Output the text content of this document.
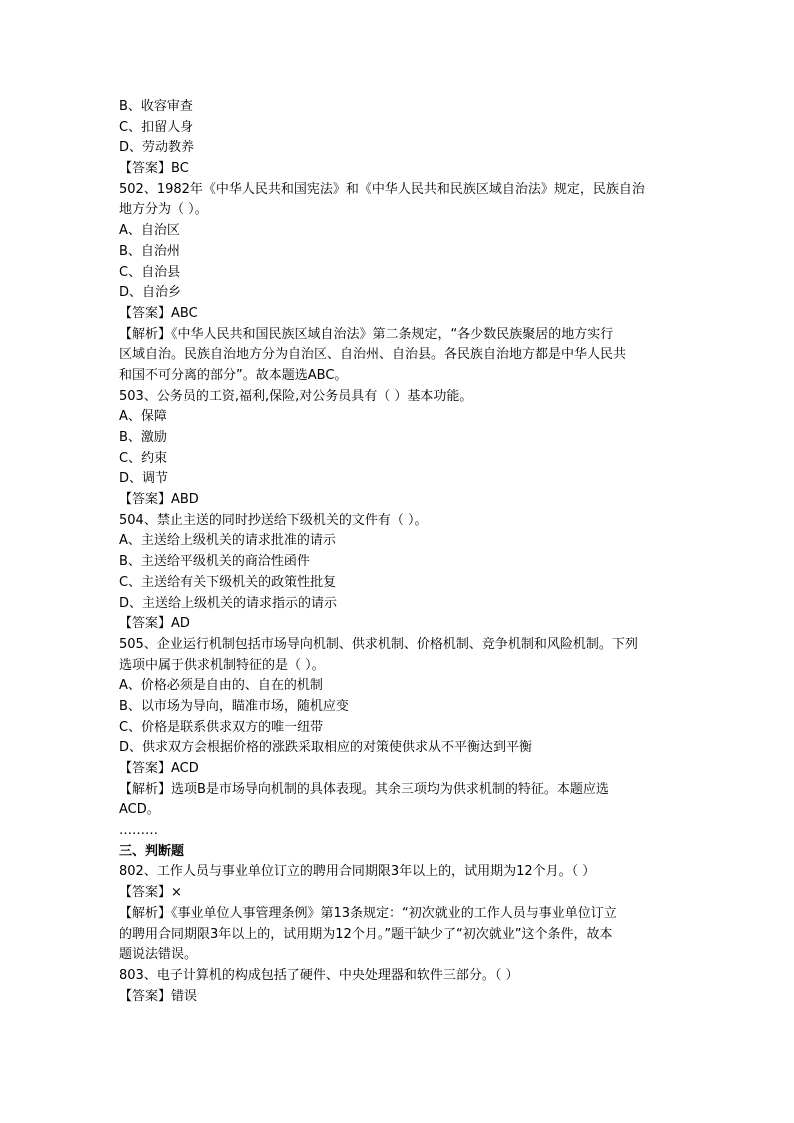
B、收容审查
C、扣留人身
D、劳动教养
【答案】BC
502、1982年《中华人民共和国宪法》和《中华人民共和民族区域自治法》规定，民族自治
地方分为（ ）。
A、自治区
B、自治州
C、自治县
D、自治乡
【答案】ABC
【解析】《中华人民共和国民族区域自治法》第二条规定，“各少数民族聚居的地方实行
区域自治。民族自治地方分为自治区、自治州、自治县。各民族自治地方都是中华人民共
和国不可分离的部分”。故本题选ABC。
503、公务员的工资,福利,保险,对公务员具有（ ）基本功能。
A、保障
B、激励
C、约束
D、调节
【答案】ABD
504、禁止主送的同时抄送给下级机关的文件有（ ）。
A、主送给上级机关的请求批准的请示
B、主送给平级机关的商洽性函件
C、主送给有关下级机关的政策性批复
D、主送给上级机关的请求指示的请示
【答案】AD
505、企业运行机制包括市场导向机制、供求机制、价格机制、竞争机制和风险机制。下列
选项中属于供求机制特征的是（ ）。
A、价格必须是自由的、自在的机制
B、以市场为导向，瞄准市场，随机应变
C、价格是联系供求双方的唯一纽带
D、供求双方会根据价格的涨跌采取相应的对策使供求从不平衡达到平衡
【答案】ACD
【解析】选项B是市场导向机制的具体表现。其余三项均为供求机制的特征。本题应选
ACD。
………
三、判断题
802、工作人员与事业单位订立的聘用合同期限3年以上的，试用期为12个月。（ ）
【答案】×
【解析】《事业单位人事管理条例》第13条规定：“初次就业的工作人员与事业单位订立
的聘用合同期限3年以上的，试用期为12个月。”题干缺少了“初次就业”这个条件，故本
题说法错误。
803、电子计算机的构成包括了硬件、中央处理器和软件三部分。（ ）
【答案】错误
